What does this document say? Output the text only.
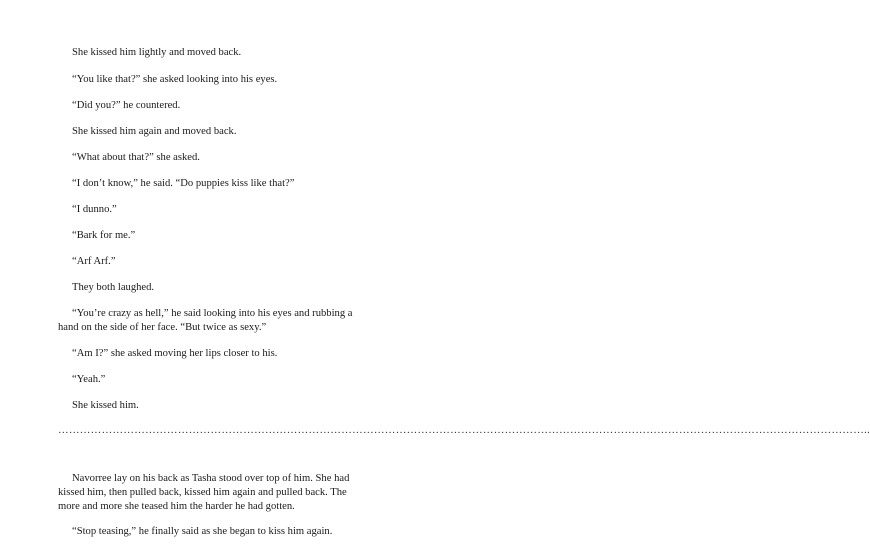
She kissed him lightly and moved back.
“You like that?” she asked looking into his eyes.
“Did you?” he countered.
She kissed him again and moved back.
“What about that?” she asked.
“I don’t know,” he said. “Do puppies kiss like that?”
“I dunno.”
“Bark for me.”
“Arf Arf.”
They both laughed.
“You’re crazy as hell,” he said looking into his eyes and rubbing a
hand on the side of her face. “But twice as sexy.”
“Am I?” she asked moving her lips closer to his.
“Yeah.”
She kissed him.
……………………………………………………………………………………………………………………………………………………………………………………………………..
Navorree lay on his back as Tasha stood over top of him. She had
kissed him, then pulled back, kissed him again and pulled back. The
more and more she teased him the harder he had gotten.
“Stop teasing,” he finally said as she began to kiss him again.
